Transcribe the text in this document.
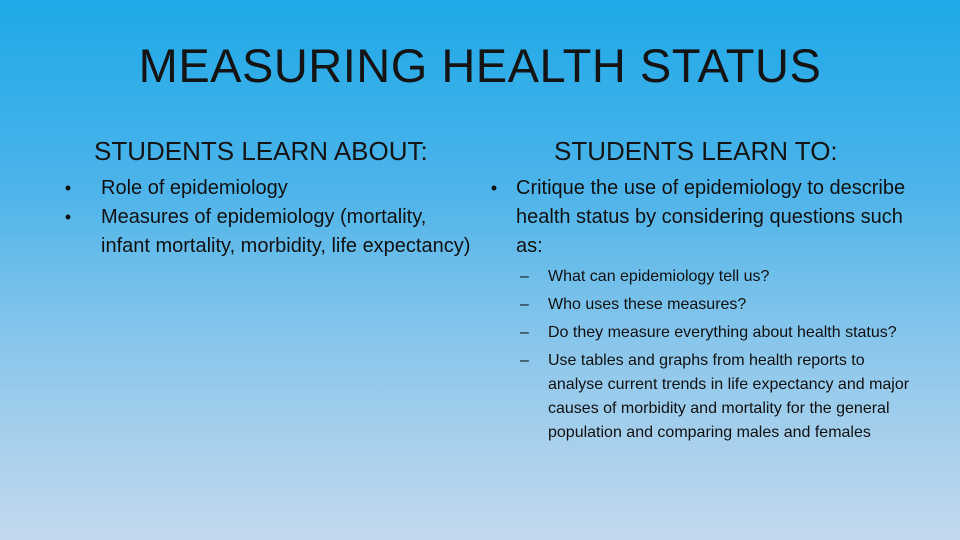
MEASURING HEALTH STATUS
STUDENTS LEARN ABOUT:	STUDENTS LEARN TO:
•	Role of epidemiology
•	Measures of epidemiology (mortality, infant mortality, morbidity, life expectancy)
• Critique the use of epidemiology to describe health status by considering questions such as:
– What can epidemiology tell us?
– Who uses these measures?
– Do they measure everything about health status?
– Use tables and graphs from health reports to analyse current trends in life expectancy and major causes of morbidity and mortality for the general population and comparing males and females
